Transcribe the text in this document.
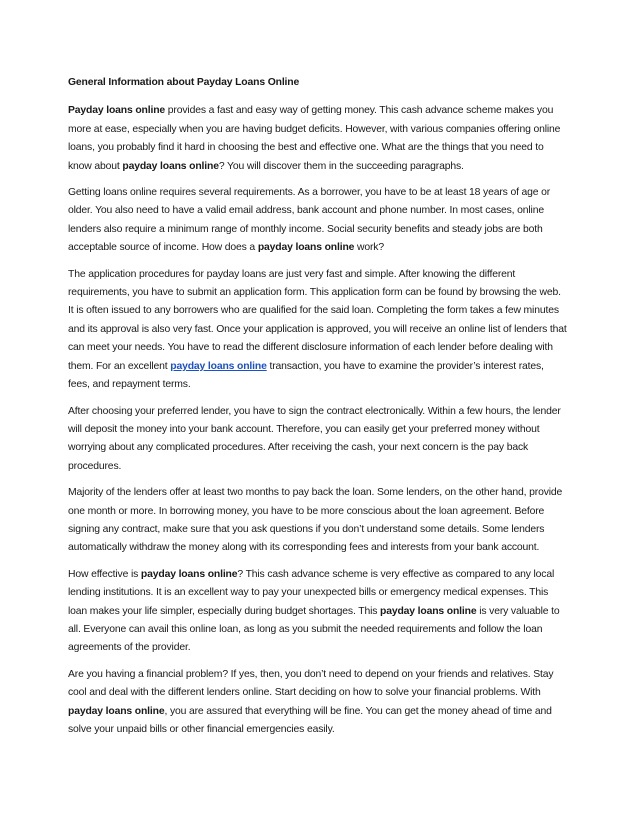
General Information about Payday Loans Online

Payday loans online provides a fast and easy way of getting money. This cash advance scheme makes you more at ease, especially when you are having budget deficits. However, with various companies offering online loans, you probably find it hard in choosing the best and effective one. What are the things that you need to know about payday loans online? You will discover them in the succeeding paragraphs.

Getting loans online requires several requirements. As a borrower, you have to be at least 18 years of age or older. You also need to have a valid email address, bank account and phone number. In most cases, online lenders also require a minimum range of monthly income. Social security benefits and steady jobs are both acceptable source of income. How does a payday loans online work?

The application procedures for payday loans are just very fast and simple. After knowing the different requirements, you have to submit an application form. This application form can be found by browsing the web. It is often issued to any borrowers who are qualified for the said loan. Completing the form takes a few minutes and its approval is also very fast. Once your application is approved, you will receive an online list of lenders that can meet your needs. You have to read the different disclosure information of each lender before dealing with them. For an excellent payday loans online transaction, you have to examine the provider’s interest rates, fees, and repayment terms.

After choosing your preferred lender, you have to sign the contract electronically. Within a few hours, the lender will deposit the money into your bank account. Therefore, you can easily get your preferred money without worrying about any complicated procedures. After receiving the cash, your next concern is the pay back procedures.

Majority of the lenders offer at least two months to pay back the loan. Some lenders, on the other hand, provide one month or more. In borrowing money, you have to be more conscious about the loan agreement. Before signing any contract, make sure that you ask questions if you don’t understand some details. Some lenders automatically withdraw the money along with its corresponding fees and interests from your bank account.

How effective is payday loans online? This cash advance scheme is very effective as compared to any local lending institutions. It is an excellent way to pay your unexpected bills or emergency medical expenses. This loan makes your life simpler, especially during budget shortages. This payday loans online is very valuable to all. Everyone can avail this online loan, as long as you submit the needed requirements and follow the loan agreements of the provider.

Are you having a financial problem? If yes, then, you don’t need to depend on your friends and relatives. Stay cool and deal with the different lenders online. Start deciding on how to solve your financial problems. With payday loans online, you are assured that everything will be fine. You can get the money ahead of time and solve your unpaid bills or other financial emergencies easily.
